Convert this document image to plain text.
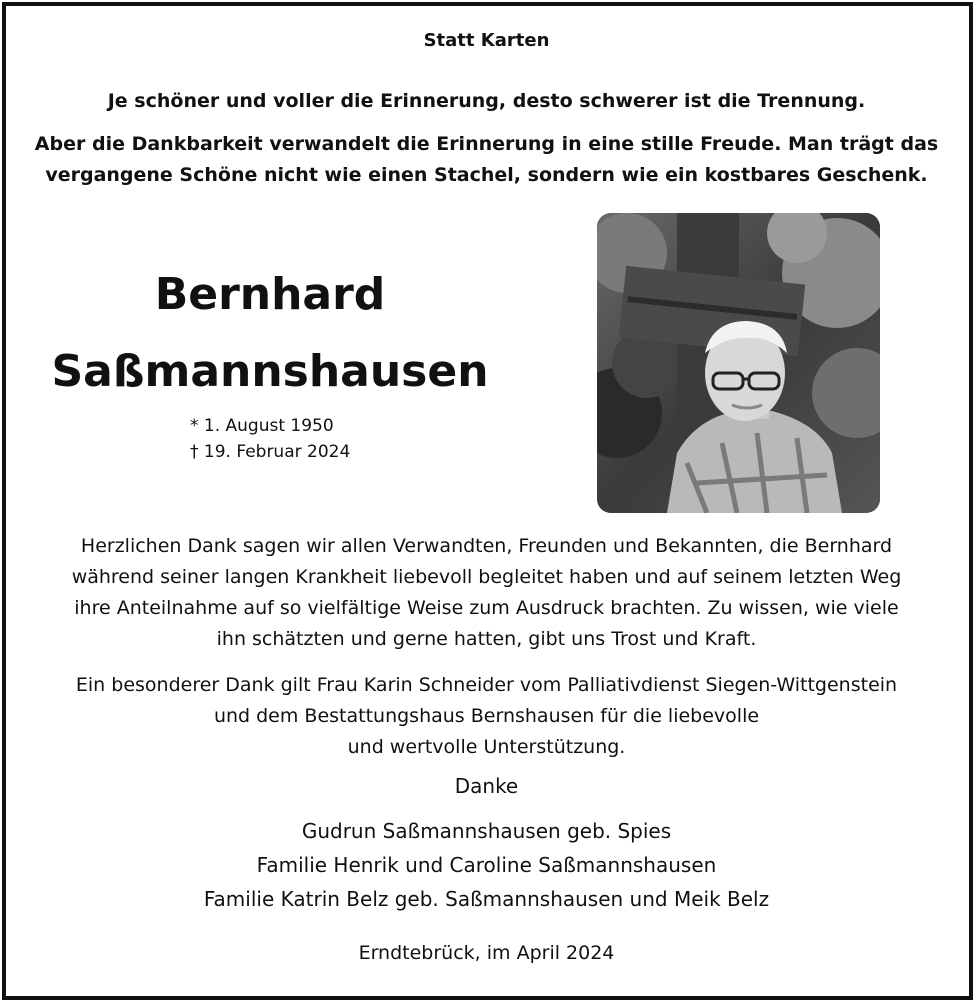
Statt Karten
Je schöner und voller die Erinnerung, desto schwerer ist die Trennung.
Aber die Dankbarkeit verwandelt die Erinnerung in eine stille Freude. Man trägt das
vergangene Schöne nicht wie einen Stachel, sondern wie ein kostbares Geschenk.
Bernhard
Saßmannshausen
* 1. August 1950
† 19. Februar 2024
Herzlichen Dank sagen wir allen Verwandten, Freunden und Bekannten, die Bernhard
während seiner langen Krankheit liebevoll begleitet haben und auf seinem letzten Weg
ihre Anteilnahme auf so vielfältige Weise zum Ausdruck brachten. Zu wissen, wie viele
ihn schätzten und gerne hatten, gibt uns Trost und Kraft.
Ein besonderer Dank gilt Frau Karin Schneider vom Palliativdienst Siegen-Wittgenstein
und dem Bestattungshaus Bernshausen für die liebevolle
und wertvolle Unterstützung.
Danke
Gudrun Saßmannshausen geb. Spies
Familie Henrik und Caroline Saßmannshausen
Familie Katrin Belz geb. Saßmannshausen und Meik Belz
Erndtebrück, im April 2024
